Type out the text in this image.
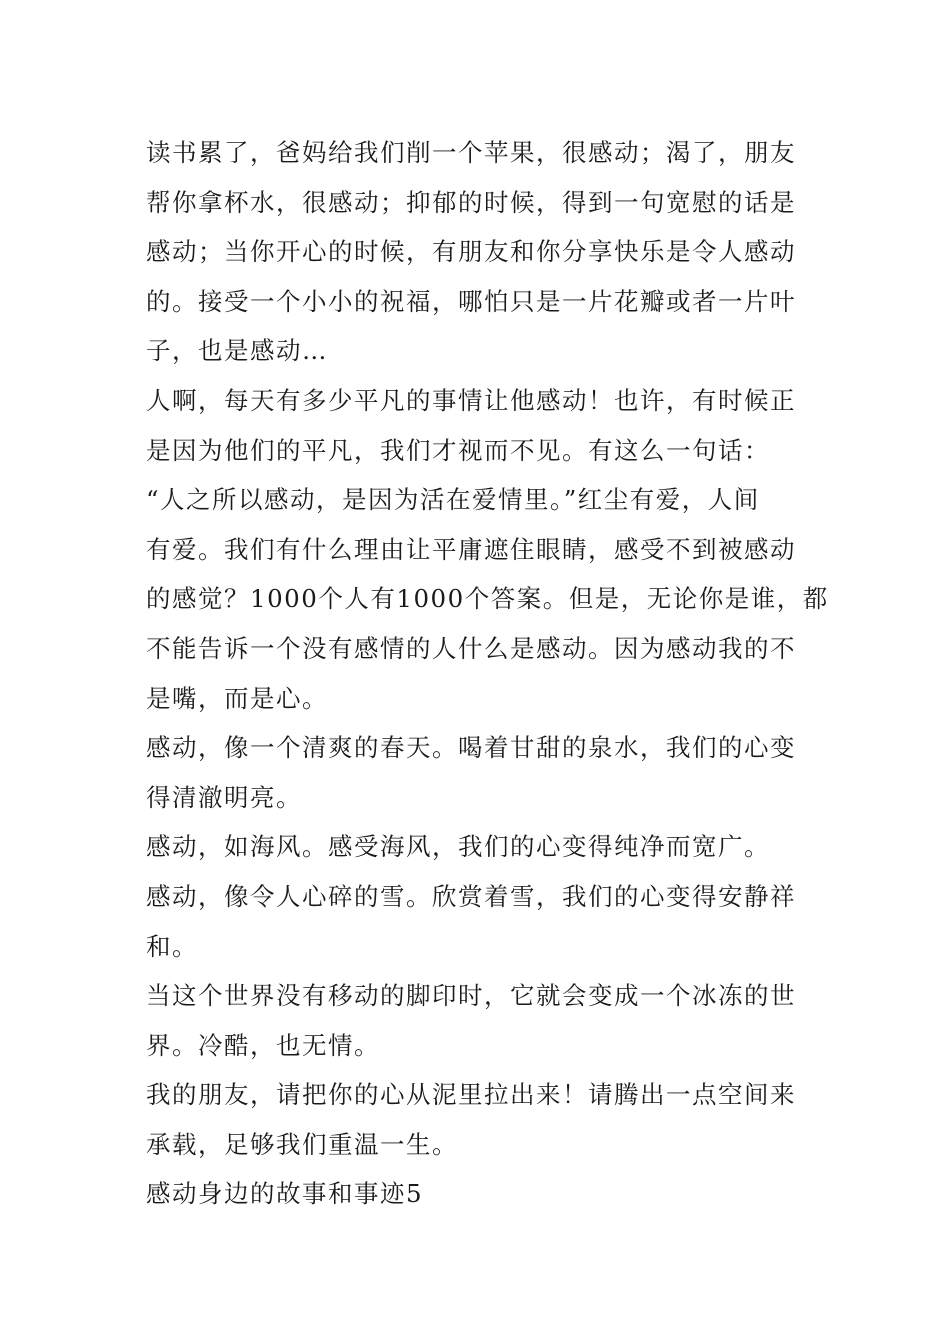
读书累了，爸妈给我们削一个苹果，很感动；渴了，朋友
帮你拿杯水，很感动；抑郁的时候，得到一句宽慰的话是
感动；当你开心的时候，有朋友和你分享快乐是令人感动
的。接受一个小小的祝福，哪怕只是一片花瓣或者一片叶
子，也是感动…
人啊，每天有多少平凡的事情让他感动！也许，有时候正
是因为他们的平凡，我们才视而不见。有这么一句话：
“人之所以感动，是因为活在爱情里。”红尘有爱，人间
有爱。我们有什么理由让平庸遮住眼睛，感受不到被感动
的感觉？1000个人有1000个答案。但是，无论你是谁，都
不能告诉一个没有感情的人什么是感动。因为感动我的不
是嘴，而是心。
感动，像一个清爽的春天。喝着甘甜的泉水，我们的心变
得清澈明亮。
感动，如海风。感受海风，我们的心变得纯净而宽广。
感动，像令人心碎的雪。欣赏着雪，我们的心变得安静祥
和。
当这个世界没有移动的脚印时，它就会变成一个冰冻的世
界。冷酷，也无情。
我的朋友，请把你的心从泥里拉出来！请腾出一点空间来
承载，足够我们重温一生。
感动身边的故事和事迹5
